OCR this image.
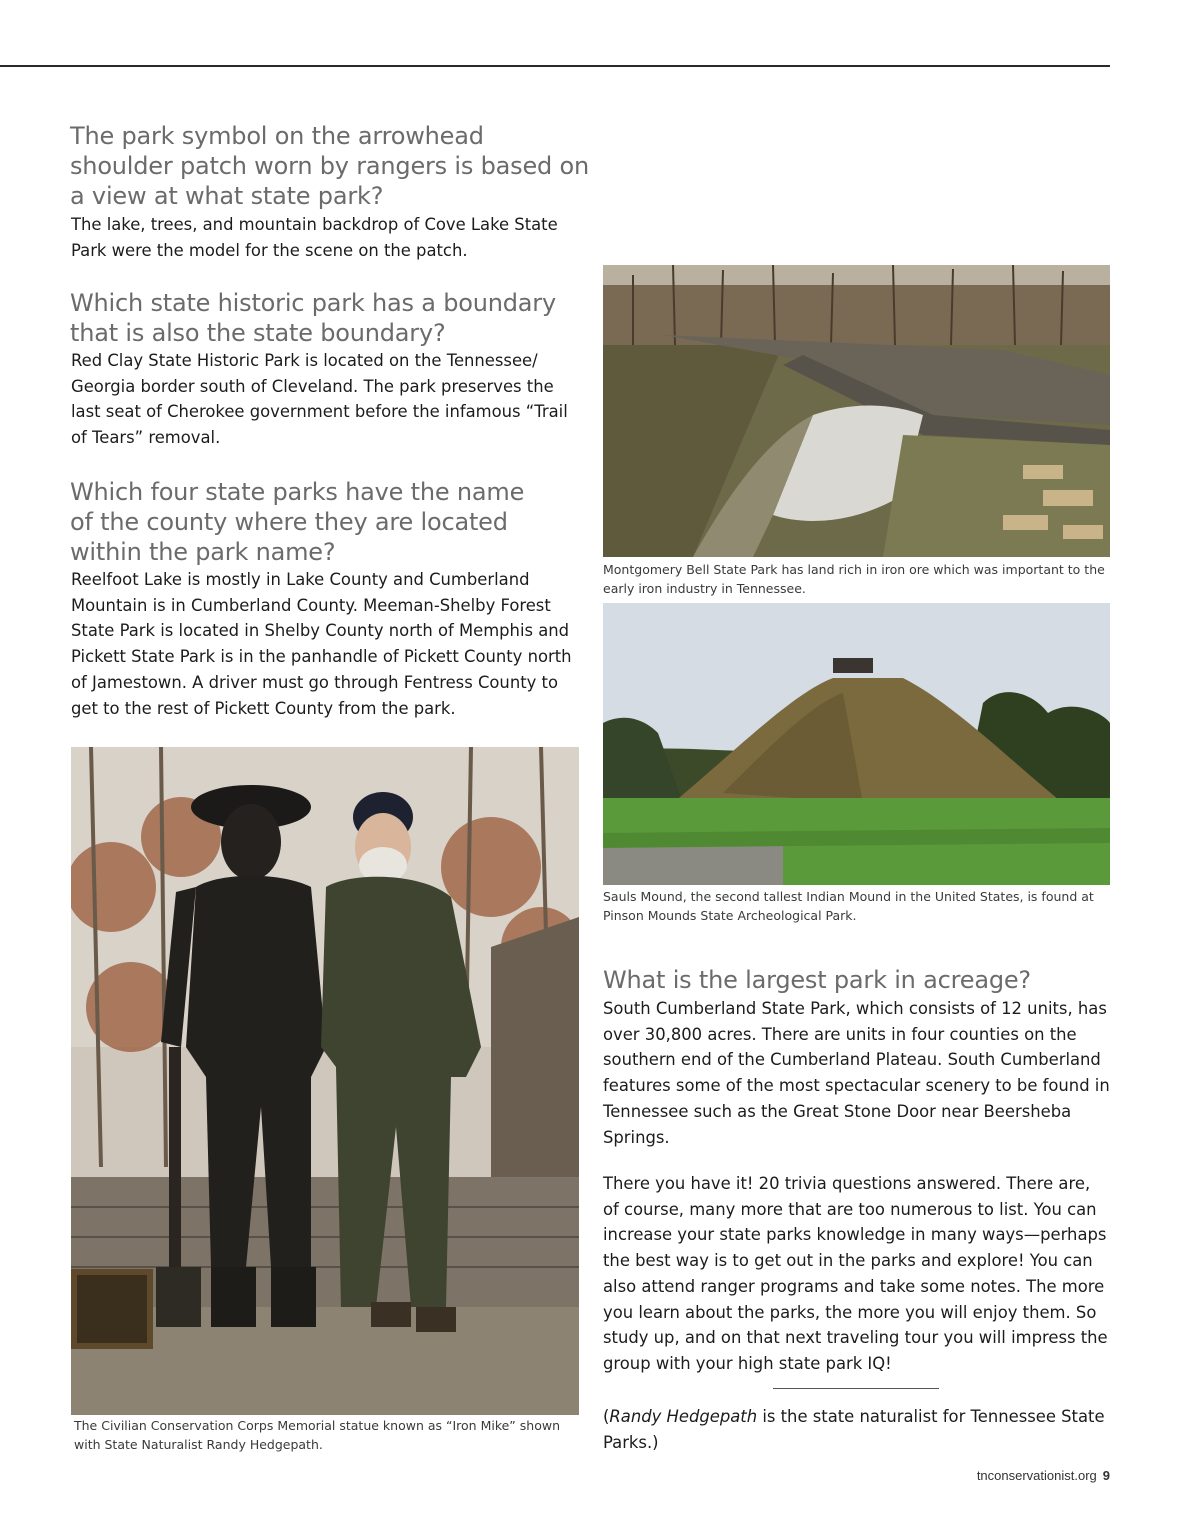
The park symbol on the arrowhead shoulder patch worn by rangers is based on a view at what state park?

The lake, trees, and mountain backdrop of Cove Lake State Park were the model for the scene on the patch.

Which state historic park has a boundary that is also the state boundary?

Red Clay State Historic Park is located on the Tennessee/ Georgia border south of Cleveland. The park preserves the last seat of Cherokee government before the infamous “Trail of Tears” removal.

Which four state parks have the name of the county where they are located within the park name?

Reelfoot Lake is mostly in Lake County and Cumberland Mountain is in Cumberland County. Meeman-Shelby Forest State Park is located in Shelby County north of Memphis and Pickett State Park is in the panhandle of Pickett County north of Jamestown. A driver must go through Fentress County to get to the rest of Pickett County from the park.

Montgomery Bell State Park has land rich in iron ore which was important to the early iron industry in Tennessee.

Sauls Mound, the second tallest Indian Mound in the United States, is found at Pinson Mounds State Archeological Park.

What is the largest park in acreage?

South Cumberland State Park, which consists of 12 units, has over 30,800 acres. There are units in four counties on the southern end of the Cumberland Plateau. South Cumberland features some of the most spectacular scenery to be found in Tennessee such as the Great Stone Door near Beersheba Springs.

There you have it! 20 trivia questions answered. There are, of course, many more that are too numerous to list. You can increase your state parks knowledge in many ways—perhaps the best way is to get out in the parks and explore! You can also attend ranger programs and take some notes. The more you learn about the parks, the more you will enjoy them. So study up, and on that next traveling tour you will impress the group with your high state park IQ!

(Randy Hedgepath is the state naturalist for Tennessee State Parks.)

The Civilian Conservation Corps Memorial statue known as “Iron Mike” shown with State Naturalist Randy Hedgepath.

tnconservationist.org 9
